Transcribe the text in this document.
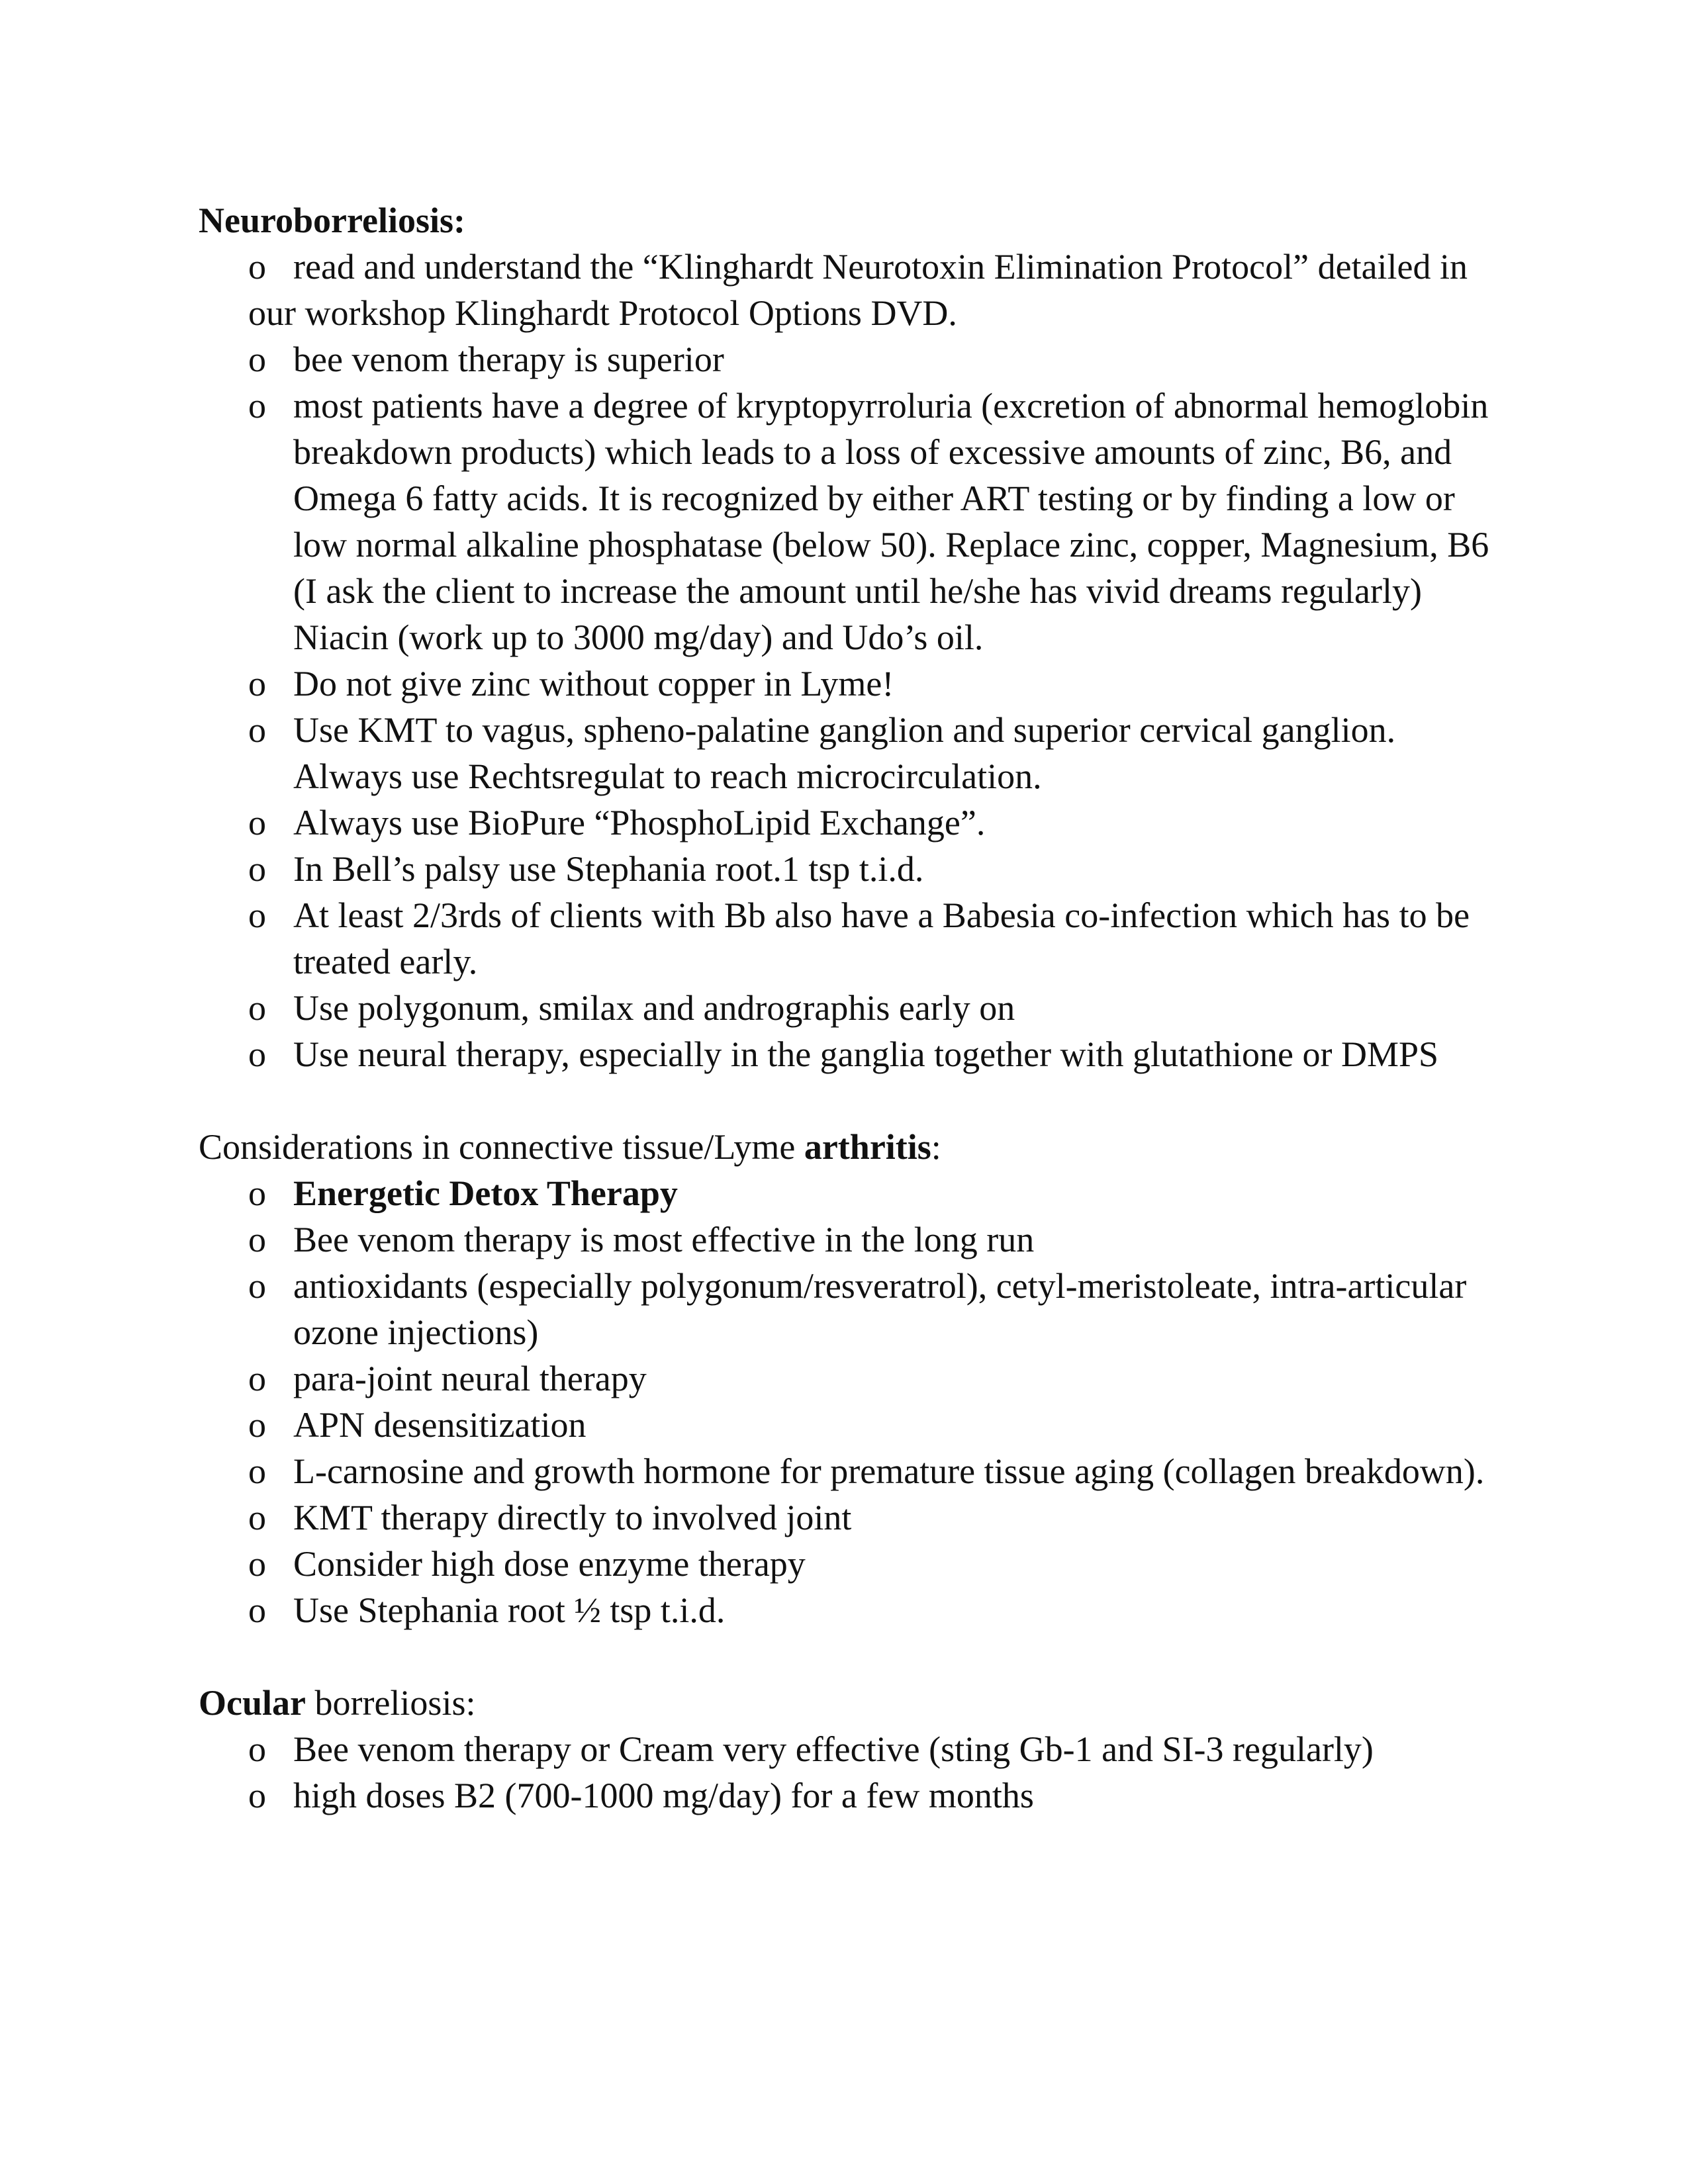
Neuroborreliosis:

o read and understand the “Klinghardt Neurotoxin Elimination Protocol” detailed in our workshop Klinghardt Protocol Options DVD.
o bee venom therapy is superior
o most patients have a degree of kryptopyrroluria (excretion of abnormal hemoglobin breakdown products) which leads to a loss of excessive amounts of zinc, B6, and Omega 6 fatty acids. It is recognized by either ART testing or by finding a low or low normal alkaline phosphatase (below 50). Replace zinc, copper, Magnesium, B6 (I ask the client to increase the amount until he/she has vivid dreams regularly) Niacin (work up to 3000 mg/day) and Udo’s oil.
o Do not give zinc without copper in Lyme!
o Use KMT to vagus, spheno-palatine ganglion and superior cervical ganglion. Always use Rechtsregulat to reach microcirculation.
o Always use BioPure “PhosphoLipid Exchange”.
o In Bell’s palsy use Stephania root.1 tsp t.i.d.
o At least 2/3rds of clients with Bb also have a Babesia co-infection which has to be treated early.
o Use polygonum, smilax and andrographis early on
o Use neural therapy, especially in the ganglia together with glutathione or DMPS

Considerations in connective tissue/Lyme arthritis:

o Energetic Detox Therapy
o Bee venom therapy is most effective in the long run
o antioxidants (especially polygonum/resveratrol), cetyl-meristoleate, intra-articular ozone injections)
o para-joint neural therapy
o APN desensitization
o L-carnosine and growth hormone for premature tissue aging (collagen breakdown).
o KMT therapy directly to involved joint
o Consider high dose enzyme therapy
o Use Stephania root ½ tsp t.i.d.

Ocular borreliosis:

o Bee venom therapy or Cream very effective (sting Gb-1 and SI-3 regularly)
o high doses B2 (700-1000 mg/day) for a few months
